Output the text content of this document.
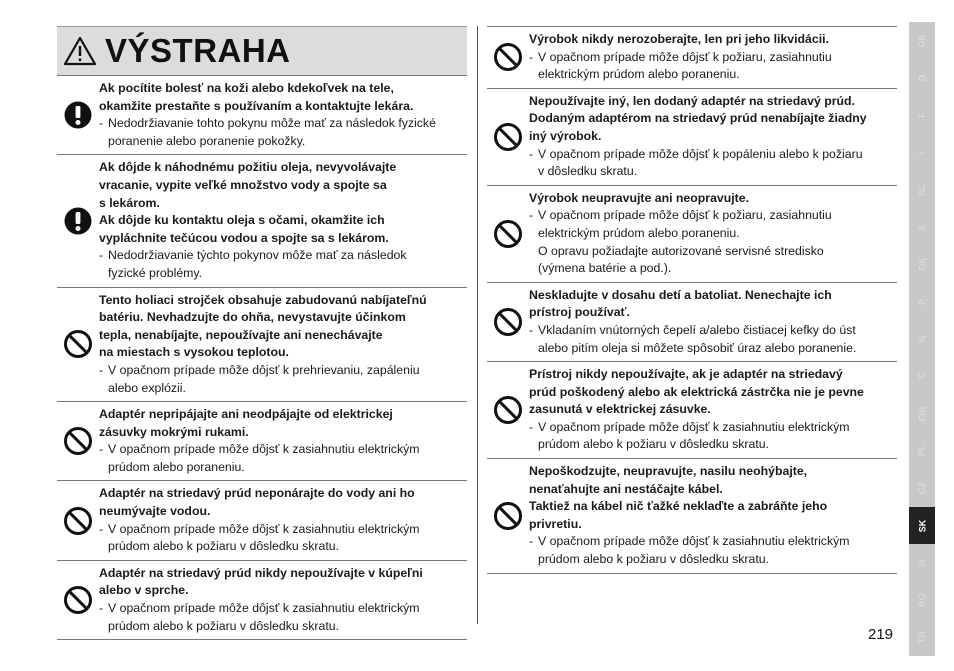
VÝSTRAHA
Ak pocítite bolesť na koži alebo kdekoľvek na tele,
okamžite prestaňte s používaním a kontaktujte lekára.
- Nedodržiavanie tohto pokynu môže mať za následok fyzické
poranenie alebo poranenie pokožky.
Ak dôjde k náhodnému požitiu oleja, nevyvolávajte
vracanie, vypite veľké množstvo vody a spojte sa
s lekárom.
Ak dôjde ku kontaktu oleja s očami, okamžite ich
vypláchnite tečúcou vodou a spojte sa s lekárom.
- Nedodržiavanie týchto pokynov môže mať za následok
fyzické problémy.
Tento holiaci strojček obsahuje zabudovanú nabíjateľnú
batériu. Nevhadzujte do ohňa, nevystavujte účinkom
tepla, nenabíjajte, nepoužívajte ani nenechávajte
na miestach s vysokou teplotou.
- V opačnom prípade môže dôjsť k prehrievaniu, zapáleniu
alebo explózii.
Adaptér nepripájajte ani neodpájajte od elektrickej
zásuvky mokrými rukami.
- V opačnom prípade môže dôjsť k zasiahnutiu elektrickým
prúdom alebo poraneniu.
Adaptér na striedavý prúd neponárajte do vody ani ho
neumývajte vodou.
- V opačnom prípade môže dôjsť k zasiahnutiu elektrickým
prúdom alebo k požiaru v dôsledku skratu.
Adaptér na striedavý prúd nikdy nepoužívajte v kúpeľni
alebo v sprche.
- V opačnom prípade môže dôjsť k zasiahnutiu elektrickým
prúdom alebo k požiaru v dôsledku skratu.
Výrobok nikdy nerozoberajte, len pri jeho likvidácii.
- V opačnom prípade môže dôjsť k požiaru, zasiahnutiu
elektrickým prúdom alebo poraneniu.
Nepoužívajte iný, len dodaný adaptér na striedavý prúd.
Dodaným adaptérom na striedavý prúd nenabíjajte žiadny
iný výrobok.
- V opačnom prípade môže dôjsť k popáleniu alebo k požiaru
v dôsledku skratu.
Výrobok neupravujte ani neopravujte.
- V opačnom prípade môže dôjsť k požiaru, zasiahnutiu
elektrickým prúdom alebo poraneniu.
O opravu požiadajte autorizované servisné stredisko
(výmena batérie a pod.).
Neskladujte v dosahu detí a batoliat. Nenechajte ich
prístroj používať.
- Vkladaním vnútorných čepelí a/alebo čistiacej kefky do úst
alebo pitím oleja si môžete spôsobiť úraz alebo poranenie.
Prístroj nikdy nepoužívajte, ak je adaptér na striedavý
prúd poškodený alebo ak elektrická zástrčka nie je pevne
zasunutá v elektrickej zásuvke.
- V opačnom prípade môže dôjsť k zasiahnutiu elektrickým
prúdom alebo k požiaru v dôsledku skratu.
Nepoškodzujte, neupravujte, nasilu neohýbajte,
nenaťahujte ani nestáčajte kábel.
Taktiež na kábel nič ťažké neklaďte a zabráňte jeho
privretiu.
- V opačnom prípade môže dôjsť k zasiahnutiu elektrickým
prúdom alebo k požiaru v dôsledku skratu.
GB
D
F
I
NL
E
DK
P
N
S
FIN
PL
CZ
SK
H
RO
TR
219
